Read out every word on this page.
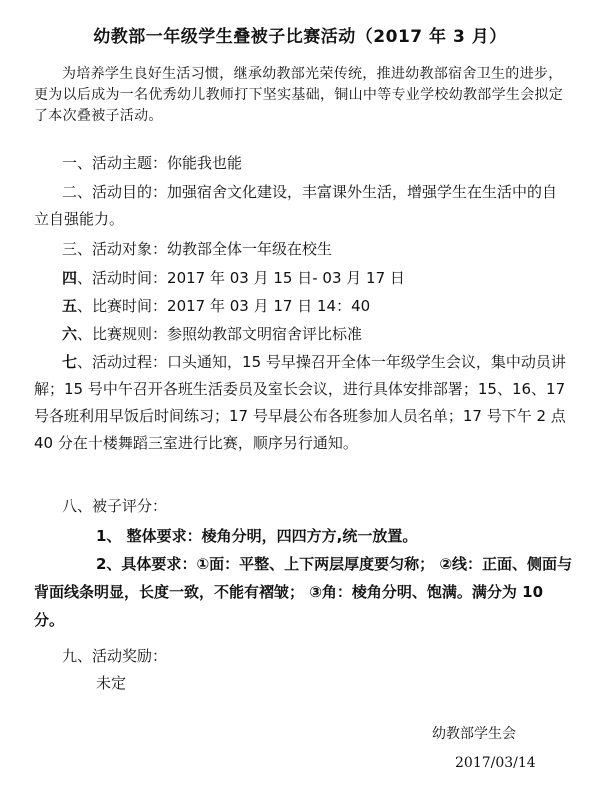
幼教部一年级学生叠被子比赛活动（2017 年 3 月）
为培养学生良好生活习惯，继承幼教部光荣传统，推进幼教部宿舍卫生的进步，更为以后成为一名优秀幼儿教师打下坚实基础，铜山中等专业学校幼教部学生会拟定了本次叠被子活动。
一、活动主题：你能我也能
二、活动目的：加强宿舍文化建设，丰富课外生活，增强学生在生活中的自立自强能力。
三、活动对象：幼教部全体一年级在校生
四、活动时间：2017 年 03 月 15 日- 03 月 17 日
五、比赛时间：2017 年 03 月 17 日 14：40
六、比赛规则：参照幼教部文明宿舍评比标准
七、活动过程：口头通知，15 号早操召开全体一年级学生会议，集中动员讲解；15 号中午召开各班生活委员及室长会议，进行具体安排部署；15、16、17 号各班利用早饭后时间练习；17 号早晨公布各班参加人员名单；17 号下午 2 点 40 分在十楼舞蹈三室进行比赛，顺序另行通知。
八、被子评分：
1、 整体要求：棱角分明，四四方方,统一放置。
2、具体要求：①面：平整、上下两层厚度要匀称； ②线：正面、侧面与背面线条明显，长度一致，不能有褶皱； ③角：棱角分明、饱满。满分为 10 分。
九、活动奖励：
未定
幼教部学生会
2017/03/14
